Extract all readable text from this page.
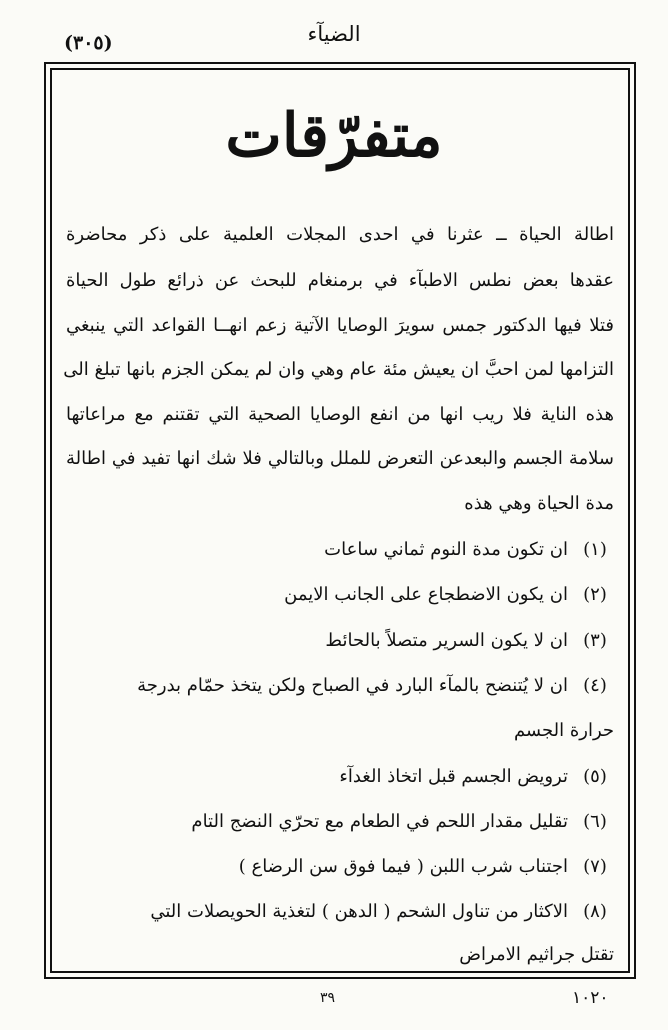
الضيآء
(٣٠٥)
متفرّقات
اطالة الحياة ــ عثرنا في احدى المجلات العلمية على ذكر محاضرة
عقدها بعض نطس الاطبآء في برمنغام للبحث عن ذرائع طول الحياة
فتلا فيها الدكتور جمس سويرَ الوصايا الآتية زعم انهــا القواعد التي ينبغي
التزامها لمن احبَّ ان يعيش مئة عام وهي وان لم يمكن الجزم بانها تبلغ الى
هذه الناية فلا ريب انها من انفع الوصايا الصحية التي تقتنم مع مراعاتها
سلامة الجسم والبعدعن التعرض للملل وبالتالي فلا شك انها تفيد في اطالة
مدة الحياة وهي هذه
(١)ان تكون مدة النوم ثماني ساعات
(٢)ان يكون الاضطجاع على الجانب الايمن
(٣)ان لا يكون السرير متصلاً بالحائط
(٤)ان لا يُتنضح بالمآء البارد في الصباح ولكن يتخذ حمّام بدرجة
حرارة الجسم
(٥)ترويض الجسم قبل اتخاذ الغدآء
(٦)تقليل مقدار اللحم في الطعام مع تحرّي النضج التام
(٧)اجتناب شرب اللبن ( فيما فوق سن الرضاع )
(٨)الاكثار من تناول الشحم ( الدهن ) لتغذية الحويصلات التي
تقتل جراثيم الامراض
٣٩	١٠٢٠
